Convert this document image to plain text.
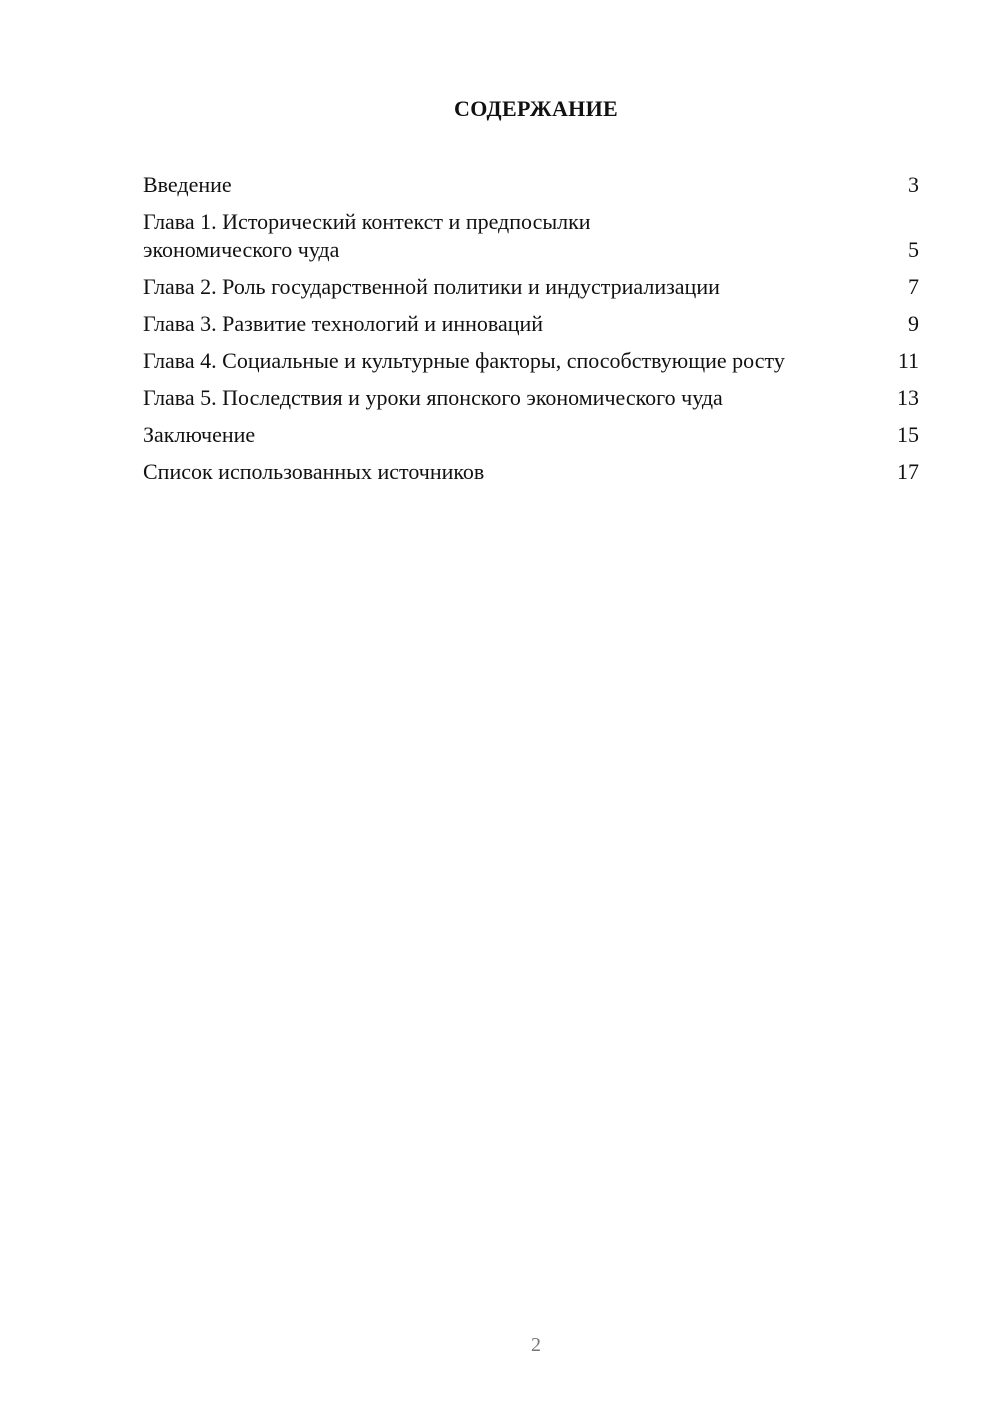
СОДЕРЖАНИЕ
Введение	3
Глава 1. Исторический контекст и предпосылки экономического чуда	5
Глава 2. Роль государственной политики и индустриализации	7
Глава 3. Развитие технологий и инноваций	9
Глава 4. Социальные и культурные факторы, способствующие росту	11
Глава 5. Последствия и уроки японского экономического чуда	13
Заключение	15
Список использованных источников	17
2
